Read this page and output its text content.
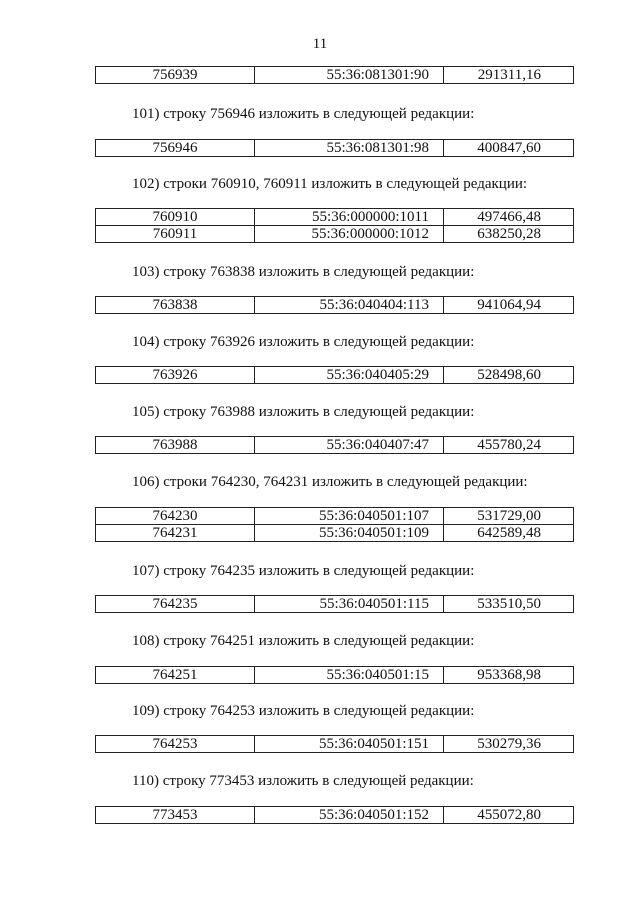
11
756939	55:36:081301:90	291311,16
101) строку 756946 изложить в следующей редакции:
756946	55:36:081301:98	400847,60
102) строки 760910, 760911 изложить в следующей редакции:
760910	55:36:000000:1011	497466,48
760911	55:36:000000:1012	638250,28
103) строку 763838 изложить в следующей редакции:
763838	55:36:040404:113	941064,94
104) строку 763926 изложить в следующей редакции:
763926	55:36:040405:29	528498,60
105) строку 763988 изложить в следующей редакции:
763988	55:36:040407:47	455780,24
106) строки 764230, 764231 изложить в следующей редакции:
764230	55:36:040501:107	531729,00
764231	55:36:040501:109	642589,48
107) строку 764235 изложить в следующей редакции:
764235	55:36:040501:115	533510,50
108) строку 764251 изложить в следующей редакции:
764251	55:36:040501:15	953368,98
109) строку 764253 изложить в следующей редакции:
764253	55:36:040501:151	530279,36
110) строку 773453 изложить в следующей редакции:
773453	55:36:040501:152	455072,80
